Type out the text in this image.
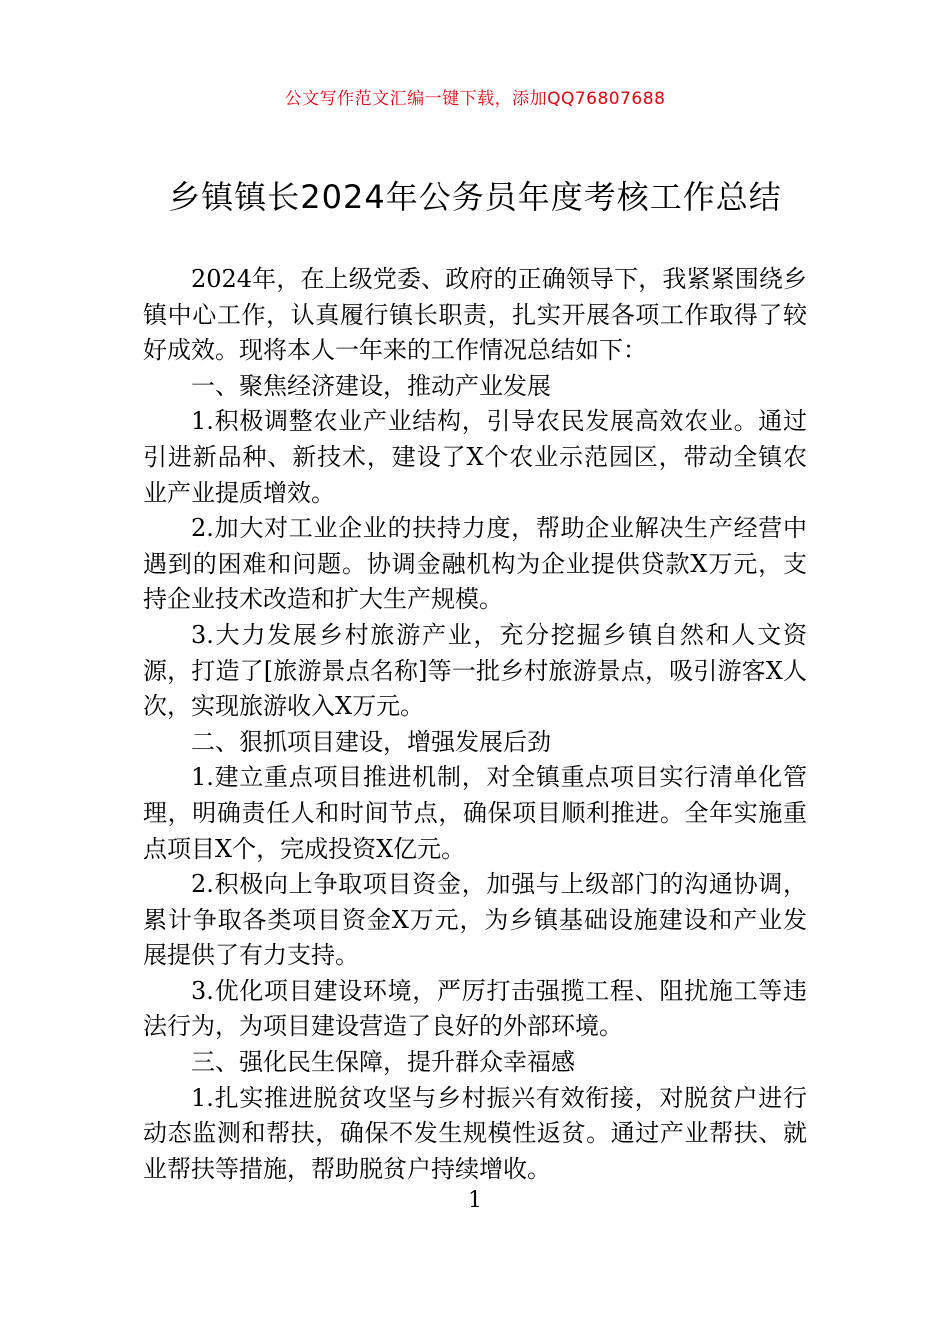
公文写作范文汇编一键下载，添加QQ76807688
乡镇镇长2024年公务员年度考核工作总结

2024年，在上级党委、政府的正确领导下，我紧紧围绕乡镇中心工作，认真履行镇长职责，扎实开展各项工作取得了较好成效。现将本人一年来的工作情况总结如下：

一、聚焦经济建设，推动产业发展

1.积极调整农业产业结构，引导农民发展高效农业。通过引进新品种、新技术，建设了X个农业示范园区，带动全镇农业产业提质增效。

2.加大对工业企业的扶持力度，帮助企业解决生产经营中遇到的困难和问题。协调金融机构为企业提供贷款X万元，支持企业技术改造和扩大生产规模。

3.大力发展乡村旅游产业，充分挖掘乡镇自然和人文资源，打造了[旅游景点名称]等一批乡村旅游景点，吸引游客X人次，实现旅游收入X万元。

二、狠抓项目建设，增强发展后劲

1.建立重点项目推进机制，对全镇重点项目实行清单化管理，明确责任人和时间节点，确保项目顺利推进。全年实施重点项目X个，完成投资X亿元。

2.积极向上争取项目资金，加强与上级部门的沟通协调，累计争取各类项目资金X万元，为乡镇基础设施建设和产业发展提供了有力支持。

3.优化项目建设环境，严厉打击强揽工程、阻扰施工等违法行为，为项目建设营造了良好的外部环境。

三、强化民生保障，提升群众幸福感

1.扎实推进脱贫攻坚与乡村振兴有效衔接，对脱贫户进行动态监测和帮扶，确保不发生规模性返贫。通过产业帮扶、就业帮扶等措施，帮助脱贫户持续增收。

1
